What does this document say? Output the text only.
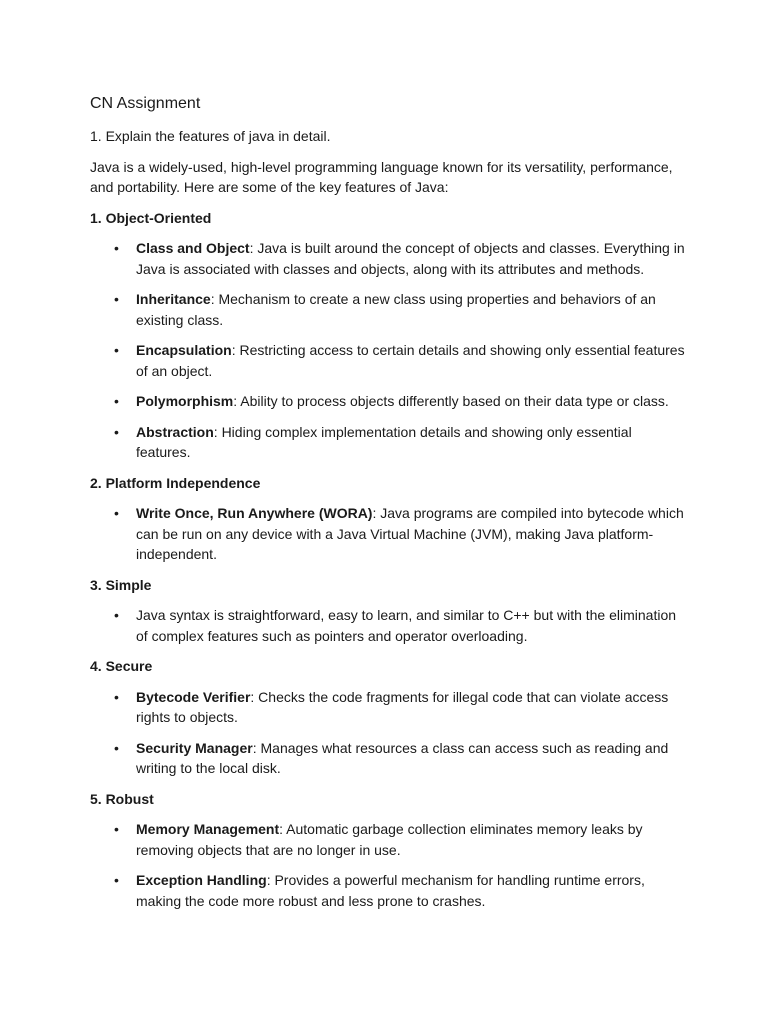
CN Assignment
1. Explain the features of java in detail.
Java is a widely-used, high-level programming language known for its versatility, performance, and portability. Here are some of the key features of Java:
1. Object-Oriented
• Class and Object: Java is built around the concept of objects and classes. Everything in Java is associated with classes and objects, along with its attributes and methods.
• Inheritance: Mechanism to create a new class using properties and behaviors of an existing class.
• Encapsulation: Restricting access to certain details and showing only essential features of an object.
• Polymorphism: Ability to process objects differently based on their data type or class.
• Abstraction: Hiding complex implementation details and showing only essential features.
2. Platform Independence
• Write Once, Run Anywhere (WORA): Java programs are compiled into bytecode which can be run on any device with a Java Virtual Machine (JVM), making Java platform-independent.
3. Simple
• Java syntax is straightforward, easy to learn, and similar to C++ but with the elimination of complex features such as pointers and operator overloading.
4. Secure
• Bytecode Verifier: Checks the code fragments for illegal code that can violate access rights to objects.
• Security Manager: Manages what resources a class can access such as reading and writing to the local disk.
5. Robust
• Memory Management: Automatic garbage collection eliminates memory leaks by removing objects that are no longer in use.
• Exception Handling: Provides a powerful mechanism for handling runtime errors, making the code more robust and less prone to crashes.
